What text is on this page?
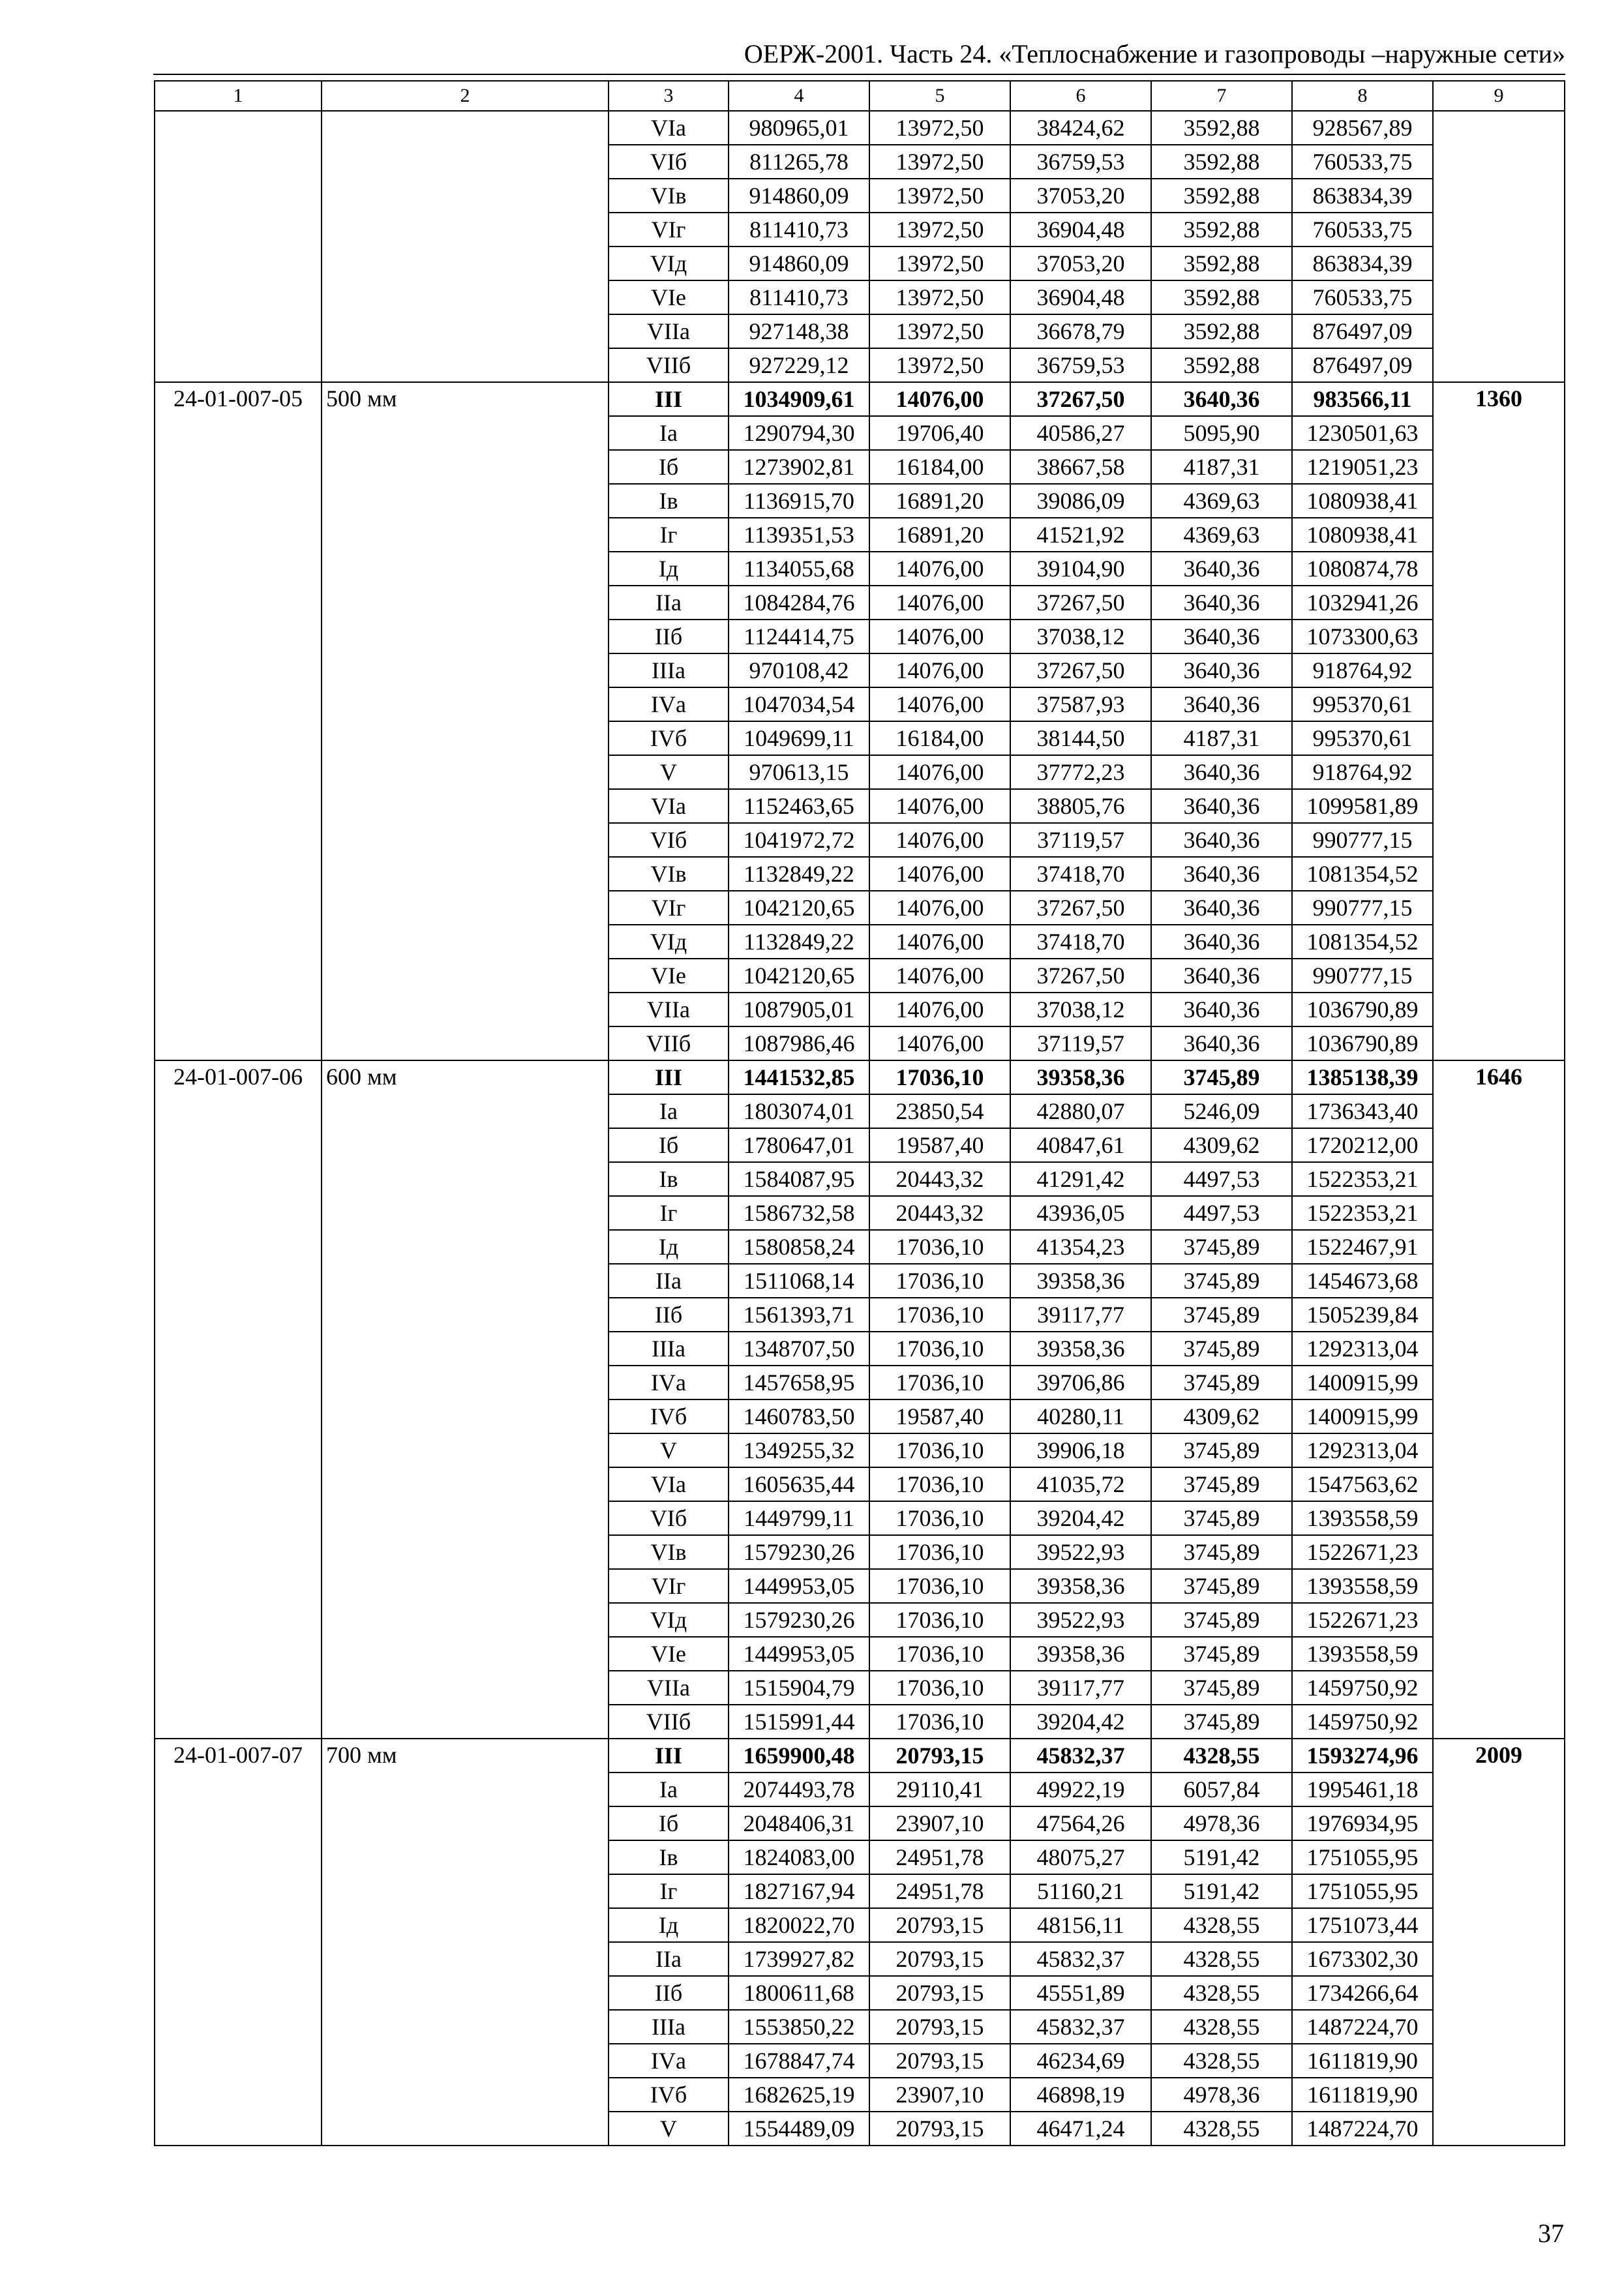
ОЕРЖ-2001. Часть 24. «Теплоснабжение и газопроводы –наружные сети»
1	2	3	4	5	6	7	8	9
		VIа	980965,01	13972,50	38424,62	3592,88	928567,89	
		VIб	811265,78	13972,50	36759,53	3592,88	760533,75	
		VIв	914860,09	13972,50	37053,20	3592,88	863834,39	
		VIг	811410,73	13972,50	36904,48	3592,88	760533,75	
		VIд	914860,09	13972,50	37053,20	3592,88	863834,39	
		VIе	811410,73	13972,50	36904,48	3592,88	760533,75	
		VIIа	927148,38	13972,50	36678,79	3592,88	876497,09	
		VIIб	927229,12	13972,50	36759,53	3592,88	876497,09	
24-01-007-05	500 мм	III	1034909,61	14076,00	37267,50	3640,36	983566,11	1360
		Iа	1290794,30	19706,40	40586,27	5095,90	1230501,63	
		Iб	1273902,81	16184,00	38667,58	4187,31	1219051,23	
		Iв	1136915,70	16891,20	39086,09	4369,63	1080938,41	
		Iг	1139351,53	16891,20	41521,92	4369,63	1080938,41	
		Iд	1134055,68	14076,00	39104,90	3640,36	1080874,78	
		IIа	1084284,76	14076,00	37267,50	3640,36	1032941,26	
		IIб	1124414,75	14076,00	37038,12	3640,36	1073300,63	
		IIIа	970108,42	14076,00	37267,50	3640,36	918764,92	
		IVа	1047034,54	14076,00	37587,93	3640,36	995370,61	
		IVб	1049699,11	16184,00	38144,50	4187,31	995370,61	
		V	970613,15	14076,00	37772,23	3640,36	918764,92	
		VIа	1152463,65	14076,00	38805,76	3640,36	1099581,89	
		VIб	1041972,72	14076,00	37119,57	3640,36	990777,15	
		VIв	1132849,22	14076,00	37418,70	3640,36	1081354,52	
		VIг	1042120,65	14076,00	37267,50	3640,36	990777,15	
		VIд	1132849,22	14076,00	37418,70	3640,36	1081354,52	
		VIе	1042120,65	14076,00	37267,50	3640,36	990777,15	
		VIIа	1087905,01	14076,00	37038,12	3640,36	1036790,89	
		VIIб	1087986,46	14076,00	37119,57	3640,36	1036790,89	
24-01-007-06	600 мм	III	1441532,85	17036,10	39358,36	3745,89	1385138,39	1646
		Iа	1803074,01	23850,54	42880,07	5246,09	1736343,40	
		Iб	1780647,01	19587,40	40847,61	4309,62	1720212,00	
		Iв	1584087,95	20443,32	41291,42	4497,53	1522353,21	
		Iг	1586732,58	20443,32	43936,05	4497,53	1522353,21	
		Iд	1580858,24	17036,10	41354,23	3745,89	1522467,91	
		IIа	1511068,14	17036,10	39358,36	3745,89	1454673,68	
		IIб	1561393,71	17036,10	39117,77	3745,89	1505239,84	
		IIIа	1348707,50	17036,10	39358,36	3745,89	1292313,04	
		IVа	1457658,95	17036,10	39706,86	3745,89	1400915,99	
		IVб	1460783,50	19587,40	40280,11	4309,62	1400915,99	
		V	1349255,32	17036,10	39906,18	3745,89	1292313,04	
		VIа	1605635,44	17036,10	41035,72	3745,89	1547563,62	
		VIб	1449799,11	17036,10	39204,42	3745,89	1393558,59	
		VIв	1579230,26	17036,10	39522,93	3745,89	1522671,23	
		VIг	1449953,05	17036,10	39358,36	3745,89	1393558,59	
		VIд	1579230,26	17036,10	39522,93	3745,89	1522671,23	
		VIе	1449953,05	17036,10	39358,36	3745,89	1393558,59	
		VIIа	1515904,79	17036,10	39117,77	3745,89	1459750,92	
		VIIб	1515991,44	17036,10	39204,42	3745,89	1459750,92	
24-01-007-07	700 мм	III	1659900,48	20793,15	45832,37	4328,55	1593274,96	2009
		Iа	2074493,78	29110,41	49922,19	6057,84	1995461,18	
		Iб	2048406,31	23907,10	47564,26	4978,36	1976934,95	
		Iв	1824083,00	24951,78	48075,27	5191,42	1751055,95	
		Iг	1827167,94	24951,78	51160,21	5191,42	1751055,95	
		Iд	1820022,70	20793,15	48156,11	4328,55	1751073,44	
		IIа	1739927,82	20793,15	45832,37	4328,55	1673302,30	
		IIб	1800611,68	20793,15	45551,89	4328,55	1734266,64	
		IIIа	1553850,22	20793,15	45832,37	4328,55	1487224,70	
		IVа	1678847,74	20793,15	46234,69	4328,55	1611819,90	
		IVб	1682625,19	23907,10	46898,19	4978,36	1611819,90	
		V	1554489,09	20793,15	46471,24	4328,55	1487224,70	
37
